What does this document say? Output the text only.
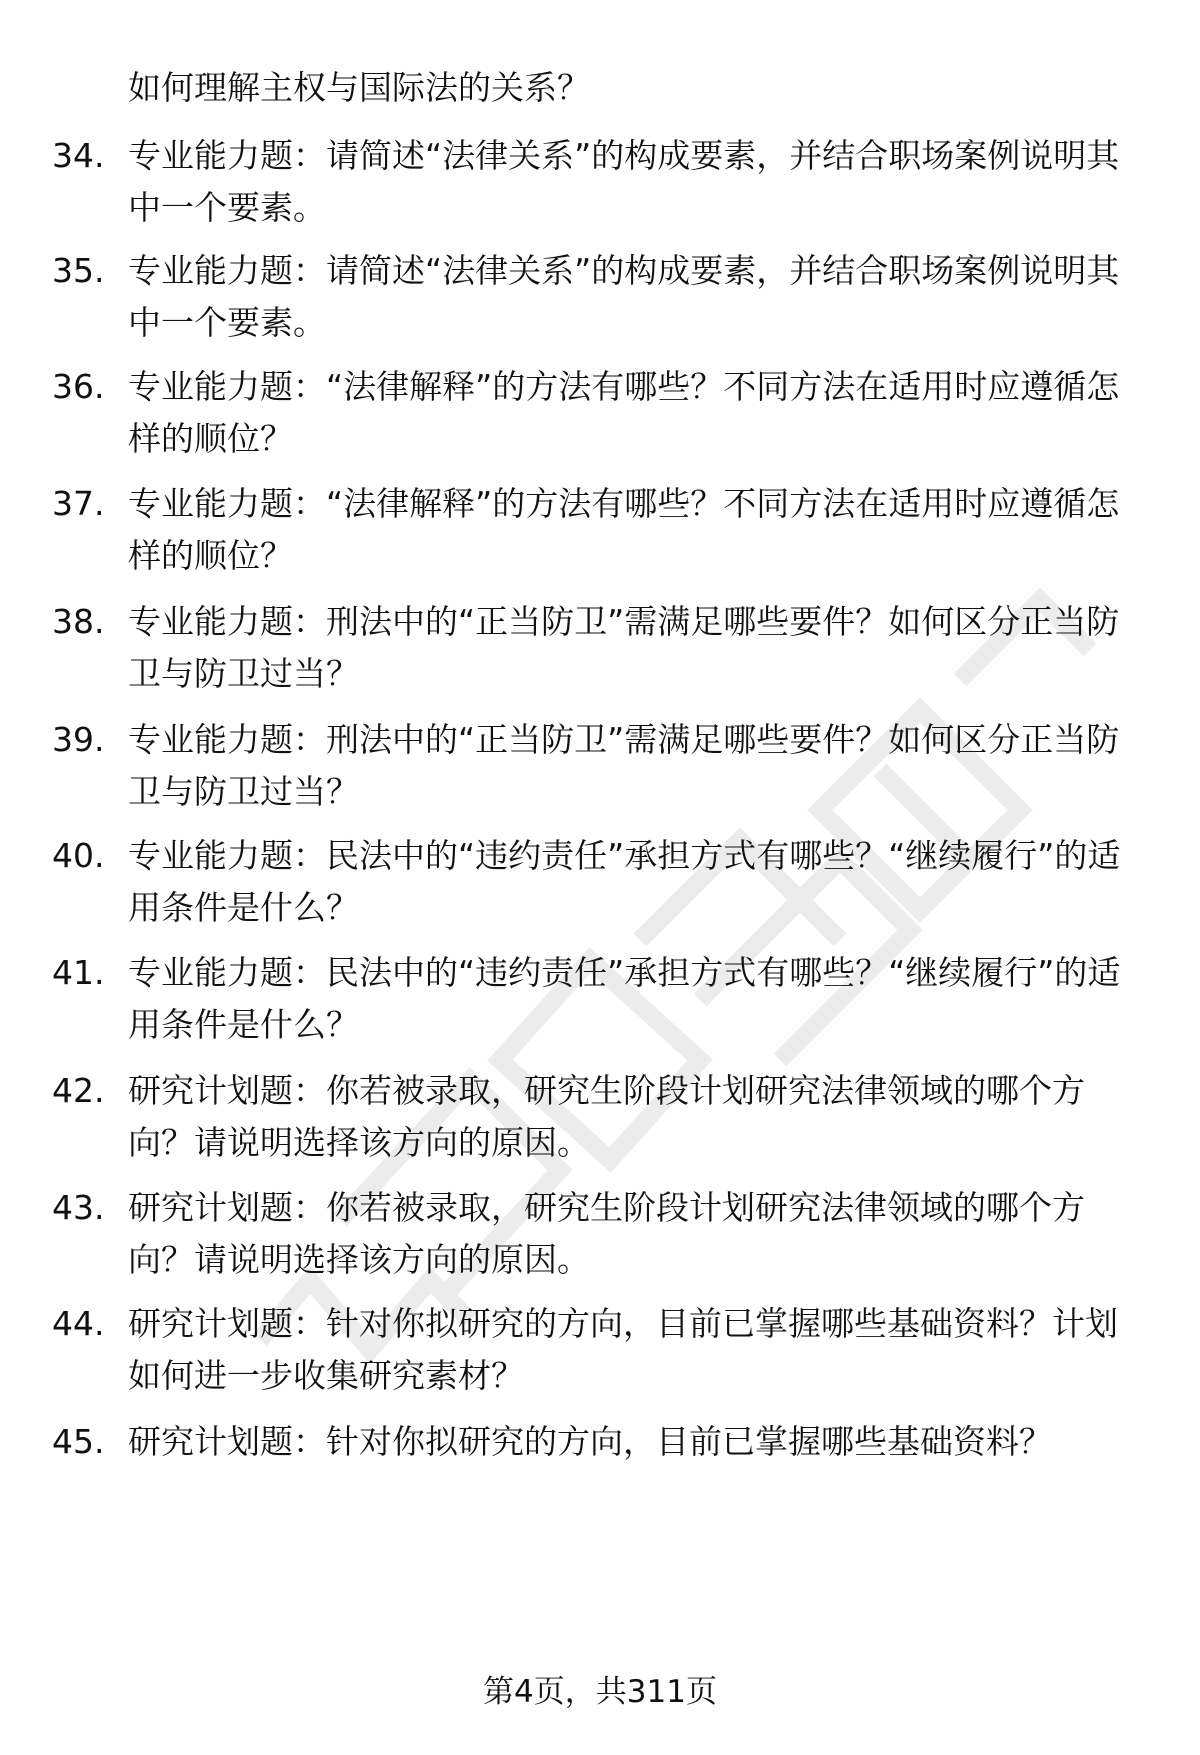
如何理解主权与国际法的关系？
34. 专业能力题：请简述“法律关系”的构成要素，并结合职场案例说明其中一个要素。
35. 专业能力题：请简述“法律关系”的构成要素，并结合职场案例说明其中一个要素。
36. 专业能力题：“法律解释”的方法有哪些？不同方法在适用时应遵循怎样的顺位？
37. 专业能力题：“法律解释”的方法有哪些？不同方法在适用时应遵循怎样的顺位？
38. 专业能力题：刑法中的“正当防卫”需满足哪些要件？如何区分正当防卫与防卫过当？
39. 专业能力题：刑法中的“正当防卫”需满足哪些要件？如何区分正当防卫与防卫过当？
40. 专业能力题：民法中的“违约责任”承担方式有哪些？“继续履行”的适用条件是什么？
41. 专业能力题：民法中的“违约责任”承担方式有哪些？“继续履行”的适用条件是什么？
42. 研究计划题：你若被录取，研究生阶段计划研究法律领域的哪个方向？请说明选择该方向的原因。
43. 研究计划题：你若被录取，研究生阶段计划研究法律领域的哪个方向？请说明选择该方向的原因。
44. 研究计划题：针对你拟研究的方向，目前已掌握哪些基础资料？计划如何进一步收集研究素材？
45. 研究计划题：针对你拟研究的方向，目前已掌握哪些基础资料？
第4页，共311页
